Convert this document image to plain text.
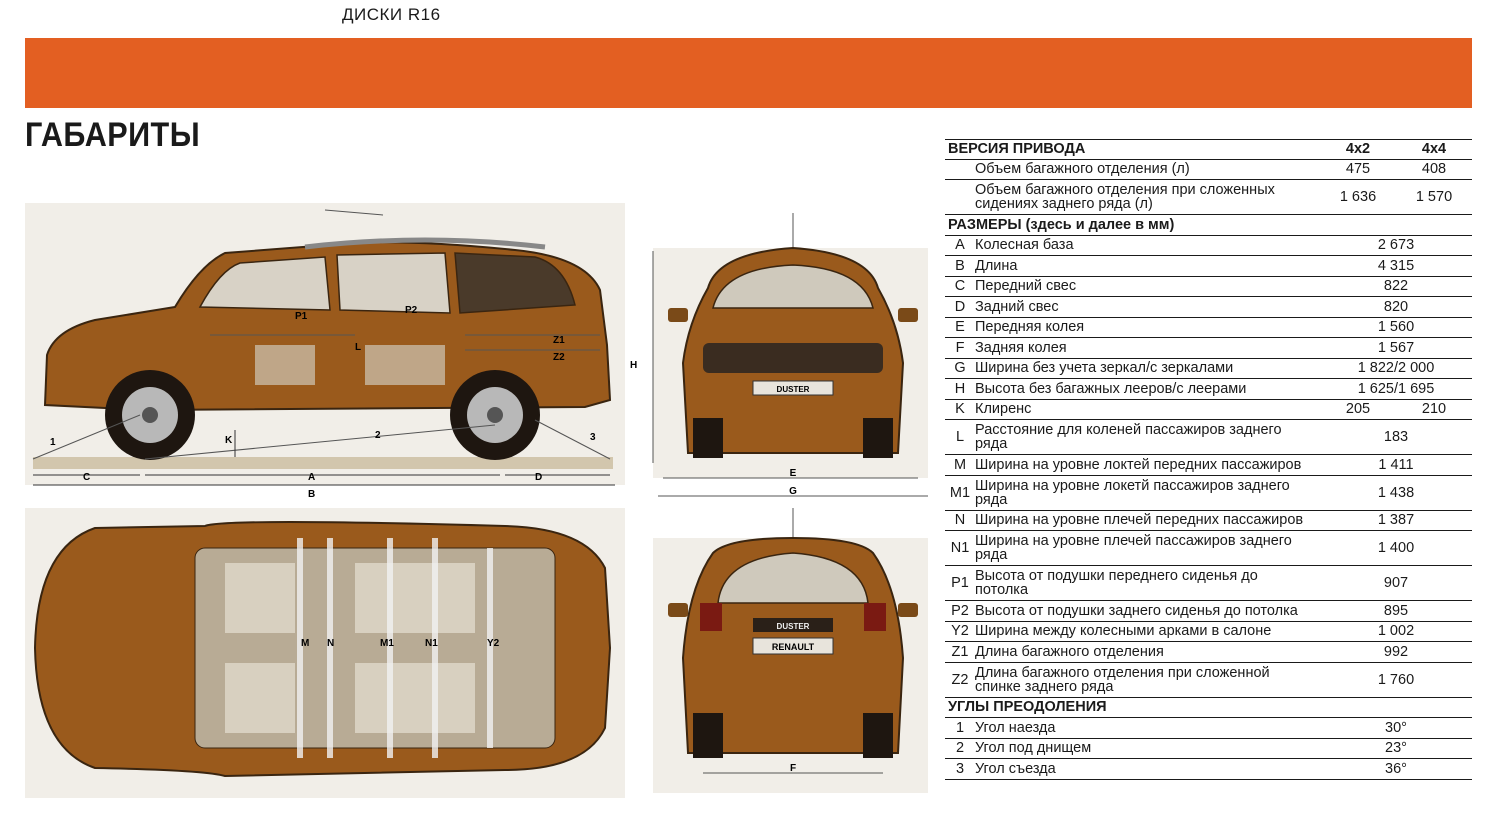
ДИСКИ R16
ГАБАРИТЫ
C	A	D
B
K
1
2	3
L
P1
P2
Z1
Z2
H
DUSTER
E
G
M N	M1	N1	Y2
DUSTER
RENAULT
F
ВЕРСИЯ ПРИВОДА	4x2	4x4
Объем багажного отделения (л)	475	408
Объем багажного отделения при сложенных сидениях заднего ряда (л)	1 636	1 570
РАЗМЕРЫ (здесь и далее в мм)
A Колесная база	2 673
B Длина	4 315
C Передний свес	822
D Задний свес	820
E Передняя колея	1 560
F Задняя колея	1 567
G Ширина без учета зеркал/с зеркалами	1 822/2 000
H Высота без багажных лееров/с леерами	1 625/1 695
K Клиренс	205	210
L Расстояние для коленей пассажиров заднего ряда	183
M Ширина на уровне локтей передних пассажиров	1 411
M1 Ширина на уровне локетй пассажиров заднего ряда	1 438
N Ширина на уровне плечей передних пассажиров	1 387
N1 Ширина на уровне плечей пассажиров заднего ряда	1 400
P1 Высота от подушки переднего сиденья до потолка	907
P2 Высота от подушки заднего сиденья до потолка	895
Y2 Ширина между колесными арками в салоне	1 002
Z1 Длина багажного отделения	992
Z2 Длина багажного отделения при сложенной спинке заднего ряда	1 760
УГЛЫ ПРЕОДОЛЕНИЯ
1 Угол наезда	30°
2 Угол под днищем	23°
3 Угол съезда	36°
